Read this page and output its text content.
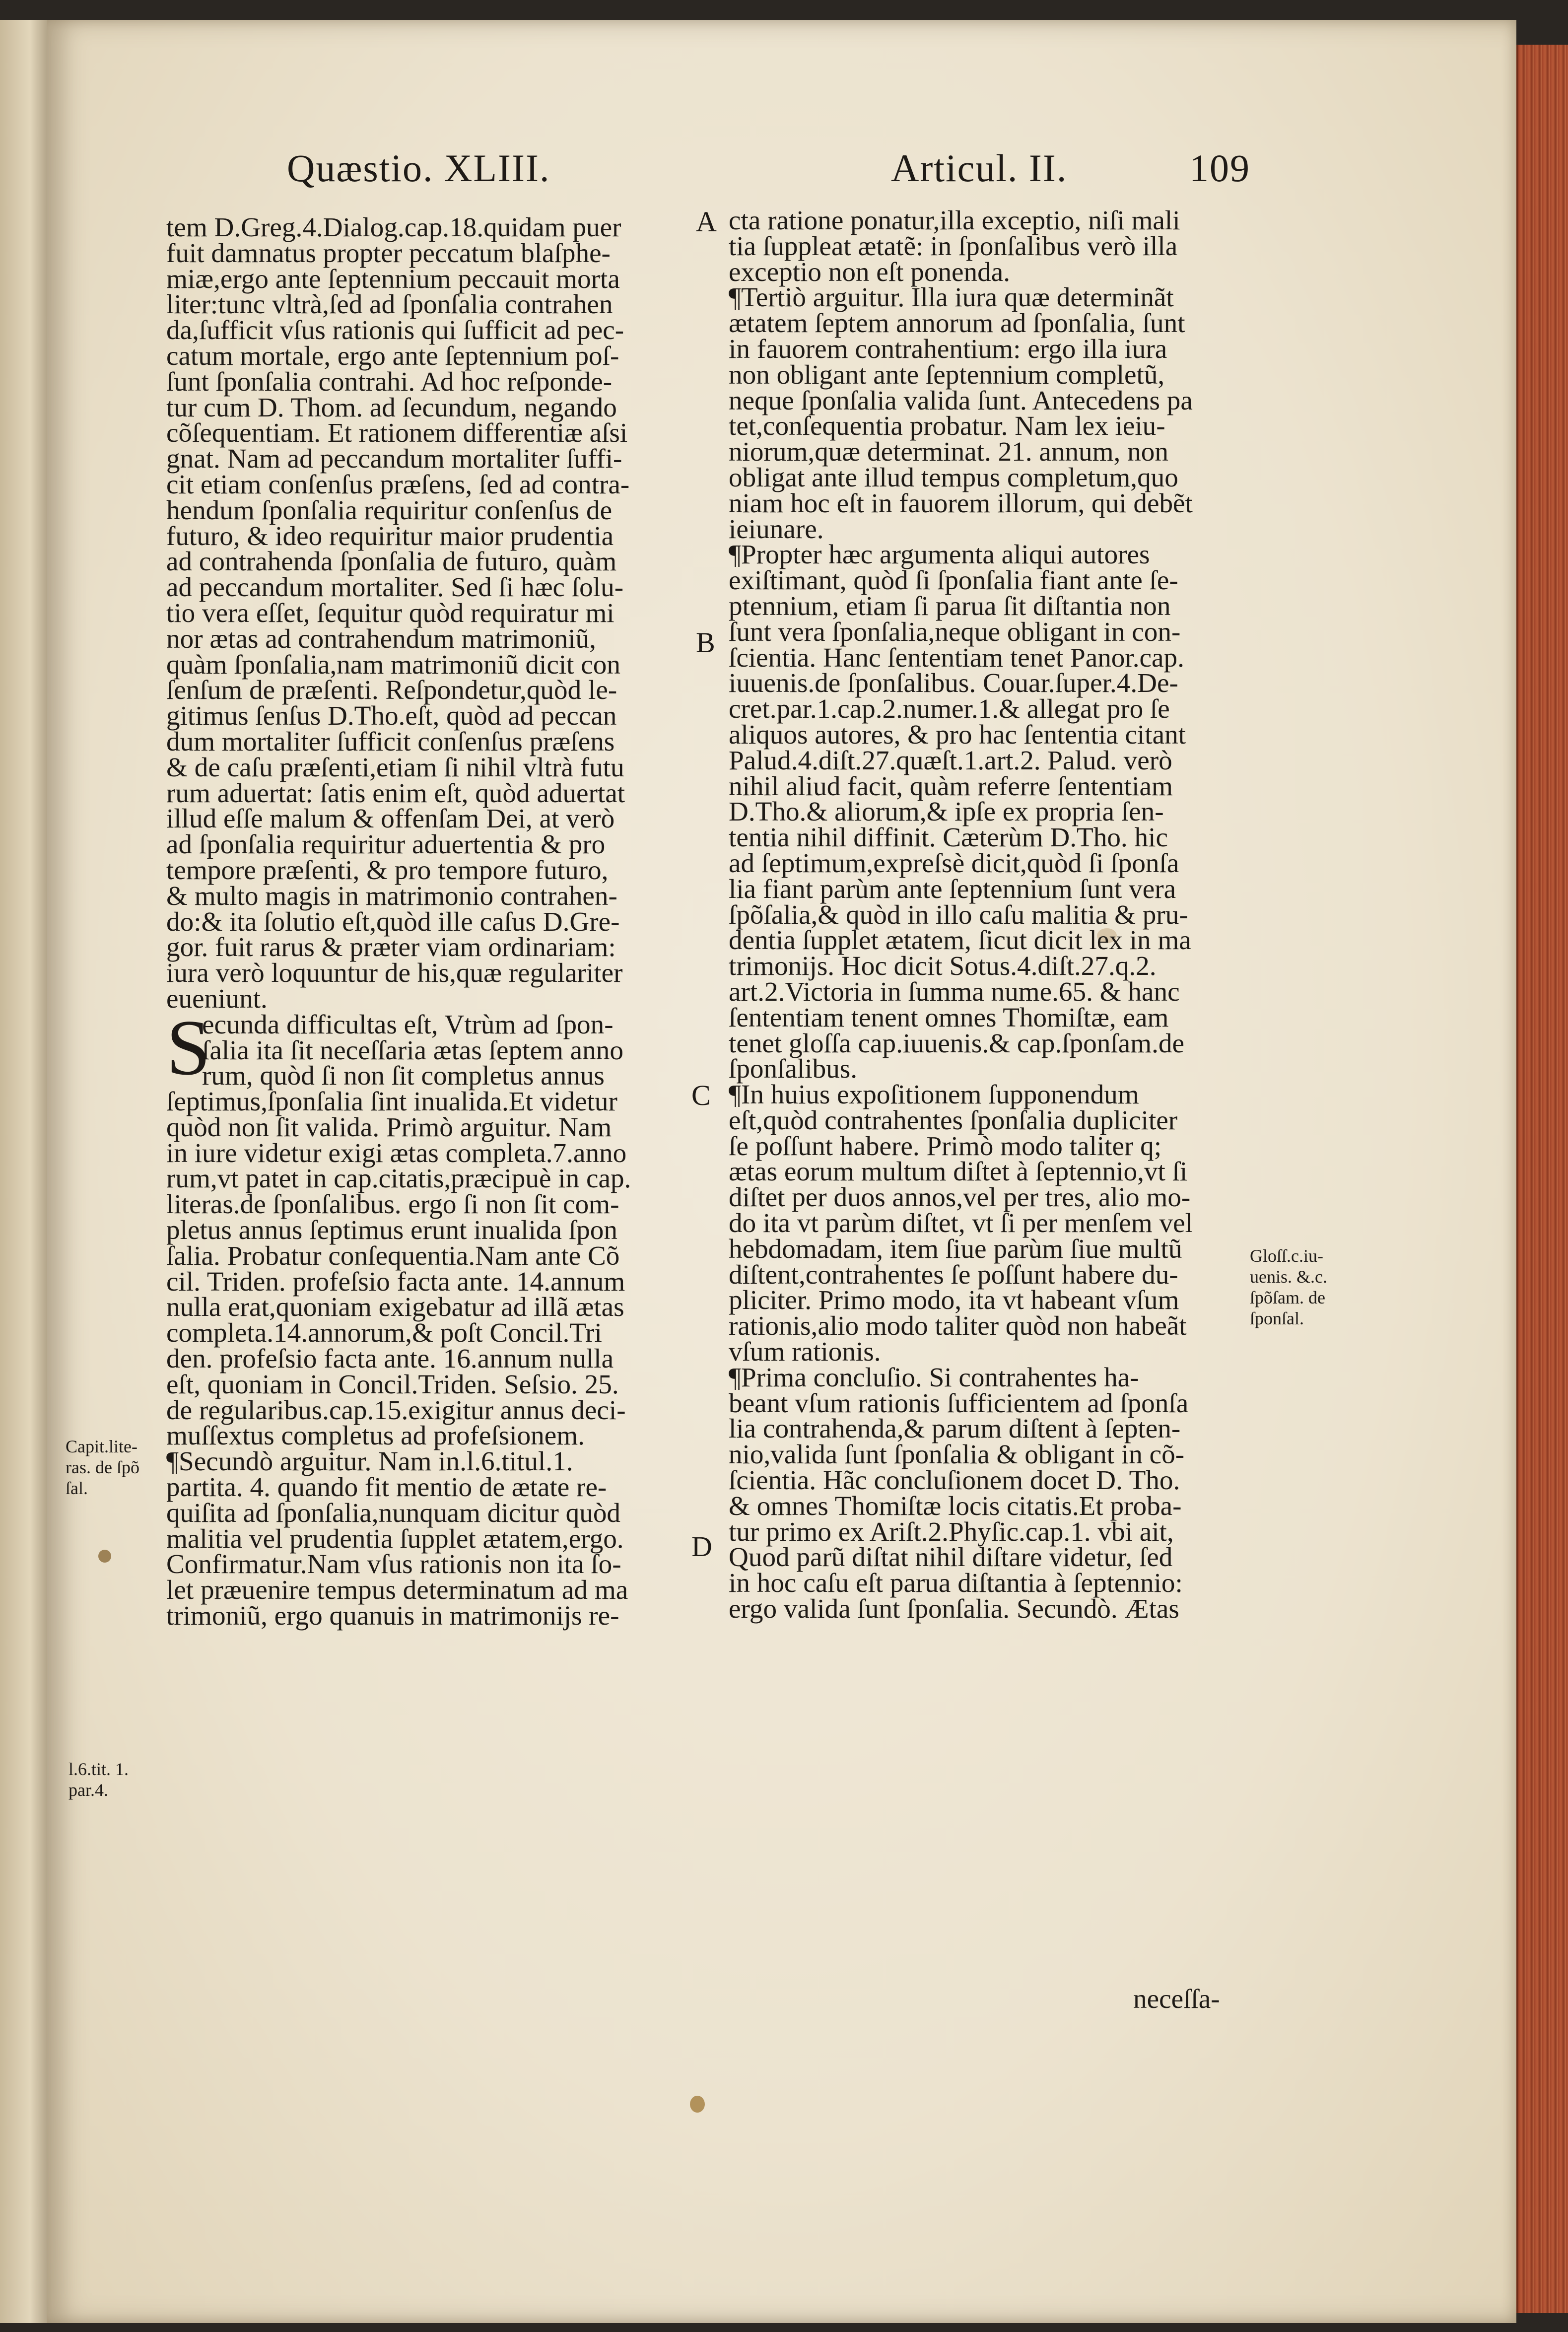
Quæstio. XLIII.	Articul. II.	109
tem D.Greg.4.Dialog.cap.18.quidam puer
fuit damnatus propter peccatum blaſphe-
miæ,ergo ante ſeptennium peccauit morta
liter:tunc vltrà,ſed ad ſponſalia contrahen
da,ſufficit vſus rationis qui ſufficit ad pec-
catum mortale, ergo ante ſeptennium poſ-
ſunt ſponſalia contrahi. Ad hoc reſponde-
tur cum D. Thom. ad ſecundum, negando
cõſequentiam. Et rationem differentiæ aſsi
gnat. Nam ad peccandum mortaliter ſuffi-
cit etiam conſenſus præſens, ſed ad contra-
hendum ſponſalia requiritur conſenſus de
futuro, & ideo requiritur maior prudentia
ad contrahenda ſponſalia de futuro, quàm
ad peccandum mortaliter. Sed ſi hæc ſolu-
tio vera eſſet, ſequitur quòd requiratur mi
nor ætas ad contrahendum matrimoniũ,
quàm ſponſalia,nam matrimoniũ dicit con
ſenſum de præſenti. Reſpondetur,quòd le-
gitimus ſenſus D.Tho.eſt, quòd ad peccan
dum mortaliter ſufficit conſenſus præſens
& de caſu præſenti,etiam ſi nihil vltrà futu
rum aduertat: ſatis enim eſt, quòd aduertat
illud eſſe malum & offenſam Dei, at verò
ad ſponſalia requiritur aduertentia & pro
tempore præſenti, & pro tempore futuro,
& multo magis in matrimonio contrahen-
do:& ita ſolutio eſt,quòd ille caſus D.Gre-
gor. fuit rarus & præter viam ordinariam:
iura verò loquuntur de his,quæ regulariter
eueniunt.
S
ecunda difficultas eſt, Vtrùm ad ſpon-
ſalia ita ſit neceſſaria ætas ſeptem anno
rum, quòd ſi non ſit completus annus
ſeptimus,ſponſalia ſint inualida.Et videtur
quòd non ſit valida. Primò arguitur. Nam
in iure videtur exigi ætas completa.7.anno
rum,vt patet in cap.citatis,præcipuè in cap.
literas.de ſponſalibus. ergo ſi non ſit com-
pletus annus ſeptimus erunt inualida ſpon
ſalia. Probatur conſequentia.Nam ante Cõ
cil. Triden. profeſsio facta ante. 14.annum
nulla erat,quoniam exigebatur ad illã ætas
completa.14.annorum,& poſt Concil.Tri
den. profeſsio facta ante. 16.annum nulla
eſt, quoniam in Concil.Triden. Seſsio. 25.
de regularibus.cap.15.exigitur annus deci-
muſſextus completus ad profeſsionem.
¶Secundò arguitur. Nam in.l.6.titul.1.
partita. 4. quando fit mentio de ætate re-
quiſita ad ſponſalia,nunquam dicitur quòd
malitia vel prudentia ſupplet ætatem,ergo.
Confirmatur.Nam vſus rationis non ita ſo-
let præuenire tempus determinatum ad ma
trimoniũ, ergo quanuis in matrimonijs re-
cta ratione ponatur,illa exceptio, niſi mali
tia ſuppleat ætatẽ: in ſponſalibus verò illa
exceptio non eſt ponenda.
¶Tertiò arguitur. Illa iura quæ determinãt
ætatem ſeptem annorum ad ſponſalia, ſunt
in fauorem contrahentium: ergo illa iura
non obligant ante ſeptennium completũ,
neque ſponſalia valida ſunt. Antecedens pa
tet,conſequentia probatur. Nam lex ieiu-
niorum,quæ determinat. 21. annum, non
obligat ante illud tempus completum,quo
niam hoc eſt in fauorem illorum, qui debẽt
ieiunare.
¶Propter hæc argumenta aliqui autores
exiſtimant, quòd ſi ſponſalia fiant ante ſe-
ptennium, etiam ſi parua ſit diſtantia non
ſunt vera ſponſalia,neque obligant in con-
ſcientia. Hanc ſententiam tenet Panor.cap.
iuuenis.de ſponſalibus. Couar.ſuper.4.De-
cret.par.1.cap.2.numer.1.& allegat pro ſe
aliquos autores, & pro hac ſententia citant
Palud.4.diſt.27.quæſt.1.art.2. Palud. verò
nihil aliud facit, quàm referre ſententiam
D.Tho.& aliorum,& ipſe ex propria ſen-
tentia nihil diffinit. Cæterùm D.Tho. hic
ad ſeptimum,expreſsè dicit,quòd ſi ſponſa
lia fiant parùm ante ſeptennium ſunt vera
ſpõſalia,& quòd in illo caſu malitia & pru-
dentia ſupplet ætatem, ſicut dicit lex in ma
trimonijs. Hoc dicit Sotus.4.diſt.27.q.2.
art.2.Victoria in ſumma nume.65. & hanc
ſententiam tenent omnes Thomiſtæ, eam
tenet gloſſa cap.iuuenis.& cap.ſponſam.de
ſponſalibus.
¶In huius expoſitionem ſupponendum
eſt,quòd contrahentes ſponſalia dupliciter
ſe poſſunt habere. Primò modo taliter q;
ætas eorum multum diſtet à ſeptennio,vt ſi
diſtet per duos annos,vel per tres, alio mo-
do ita vt parùm diſtet, vt ſi per menſem vel
hebdomadam, item ſiue parùm ſiue multũ
diſtent,contrahentes ſe poſſunt habere du-
pliciter. Primo modo, ita vt habeant vſum
rationis,alio modo taliter quòd non habeãt
vſum rationis.
¶Prima concluſio. Si contrahentes ha-
beant vſum rationis ſufficientem ad ſponſa
lia contrahenda,& parum diſtent à ſepten-
nio,valida ſunt ſponſalia & obligant in cõ-
ſcientia. Hãc concluſionem docet D. Tho.
& omnes Thomiſtæ locis citatis.Et proba-
tur primo ex Ariſt.2.Phyſic.cap.1. vbi ait,
Quod parũ diſtat nihil diſtare videtur, ſed
in hoc caſu eſt parua diſtantia à ſeptennio:
ergo valida ſunt ſponſalia. Secundò. Ætas
neceſſa-
A
B
C
D
Capit.lite-
ras. de ſpõ
ſal.
l.6.tit. 1.
par.4.
Gloſſ.c.iu-
uenis. &.c.
ſpõſam. de
ſponſal.
